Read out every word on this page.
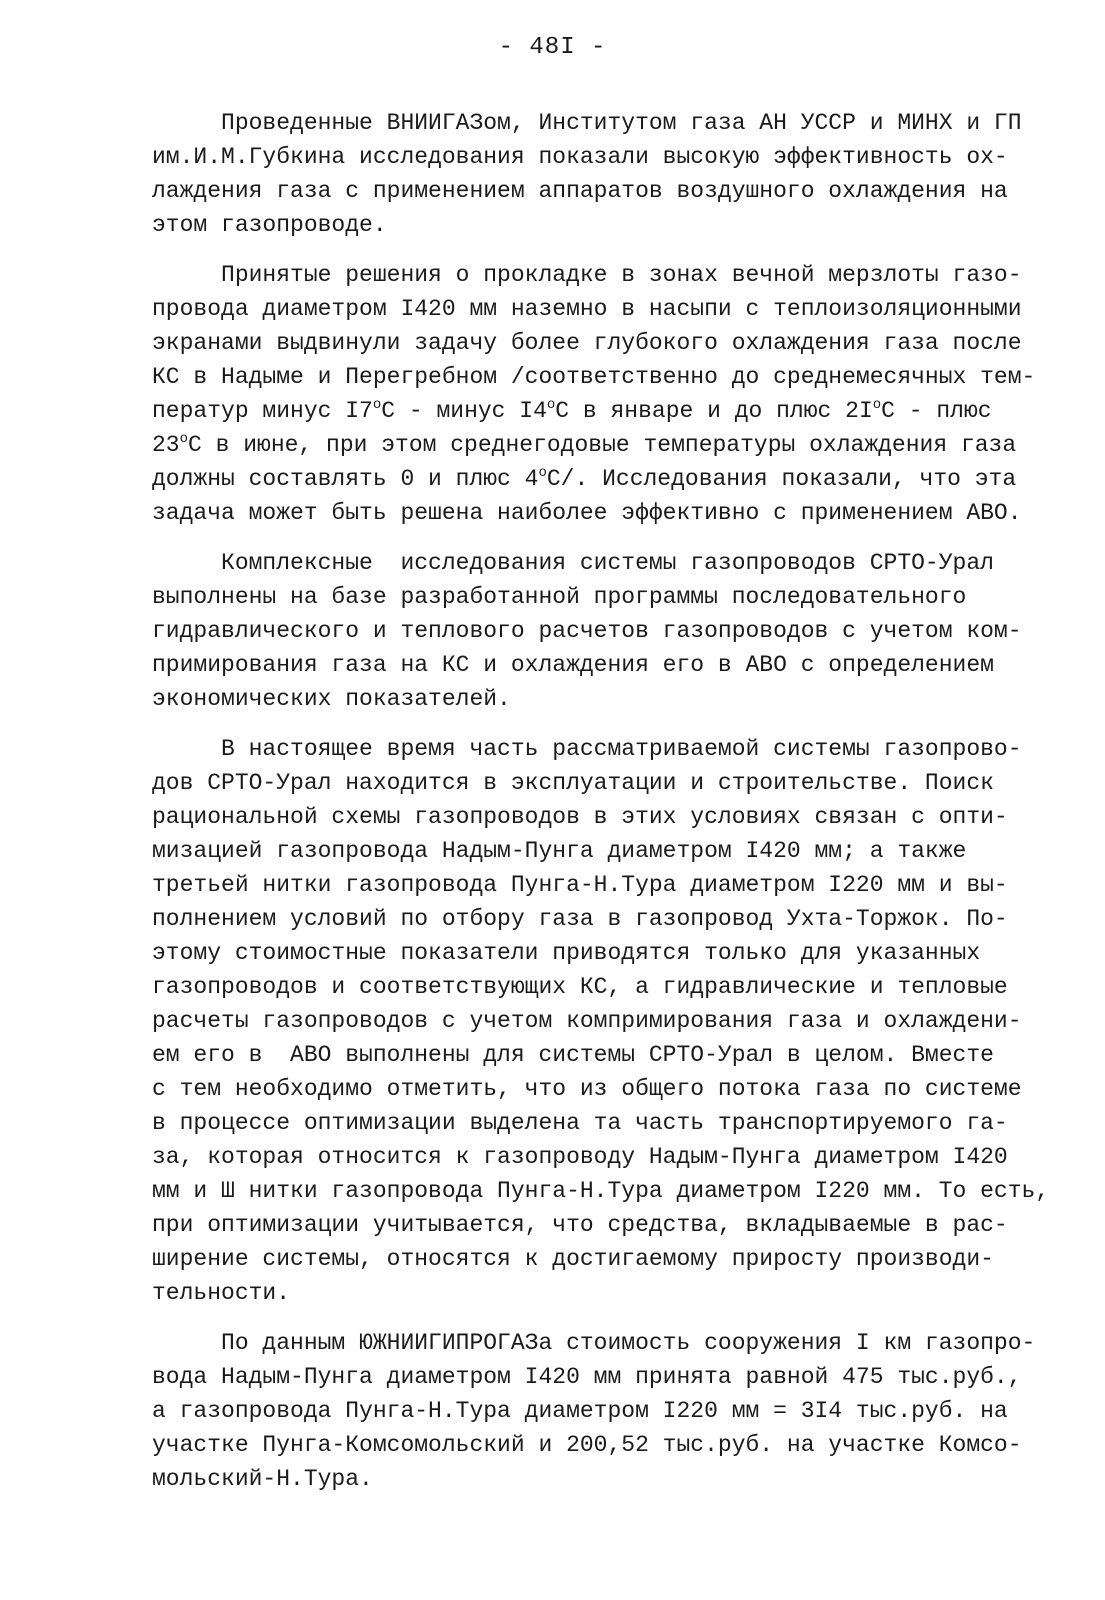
- 48I -
Проведенные ВНИИГАЗом, Институтом газа АН УССР и МИНХ и ГП
им.И.М.Губкина исследования показали высокую эффективность ох-
лаждения газа с применением аппаратов воздушного охлаждения на
этом газопроводе.
Принятые решения о прокладке в зонах вечной мерзлоты газо-
провода диаметром I420 мм наземно в насыпи с теплоизоляционными
экранами выдвинули задачу более глубокого охлаждения газа после
КС в Надыме и Перегребном /соответственно до среднемесячных тем-
ператур минус I7$^o$С - минус I4$^o$С в январе и до плюс $2I^oС$ - плюс
23$^o$С в июне, при этом среднегодовые температуры охлаждения газа
должны составлять 0 и плюс 4$^o$С/. Исследования показали, что эта
задача может быть решена наиболее эффективно с применением АВО.
Комплексные  исследования системы газопроводов СРТО-Урал
выполнены на базе разработанной программы последовательного
гидравлического и теплового расчетов газопроводов с учетом ком-
примирования газа на КС и охлаждения его в АВО с определением
экономических показателей.
В настоящее время часть рассматриваемой системы газопрово-
дов СРТО-Урал находится в эксплуатации и строительстве. Поиск
рациональной схемы газопроводов в этих условиях связан с опти-
мизацией газопровода Надым-Пунга диаметром I420 мм; а также
третьей нитки газопровода Пунга-Н.Тура диаметром I220 мм и вы-
полнением условий по отбору газа в газопровод Ухта-Торжок. По-
этому стоимостные показатели приводятся только для указанных
газопроводов и соответствующих КС, а гидравлические и тепловые
расчеты газопроводов с учетом компримирования газа и охлаждени-
ем его в  АВО выполнены для системы СРТО-Урал в целом. Вместе
с тем необходимо отметить, что из общего потока газа по системе
в процессе оптимизации выделена та часть транспортируемого га-
за, которая относится к газопроводу Надым-Пунга диаметром I420
мм и Ш нитки газопровода Пунга-Н.Тура диаметром I220 мм. То есть,
при оптимизации учитывается, что средства, вкладываемые в рас-
ширение системы, относятся к достигаемому приросту производи-
тельности.
По данным ЮЖНИИГИПРОГАЗа стоимость сооружения I км газопро-
вода Надым-Пунга диаметром I420 мм принята равной 475 тыс.руб.,
а газопровода Пунга-Н.Тура диаметром I220 мм = 3I4 тыс.руб. на
участке Пунга-Комсомольский и 200,52 тыс.руб. на участке Комсо-
мольский-Н.Тура.
